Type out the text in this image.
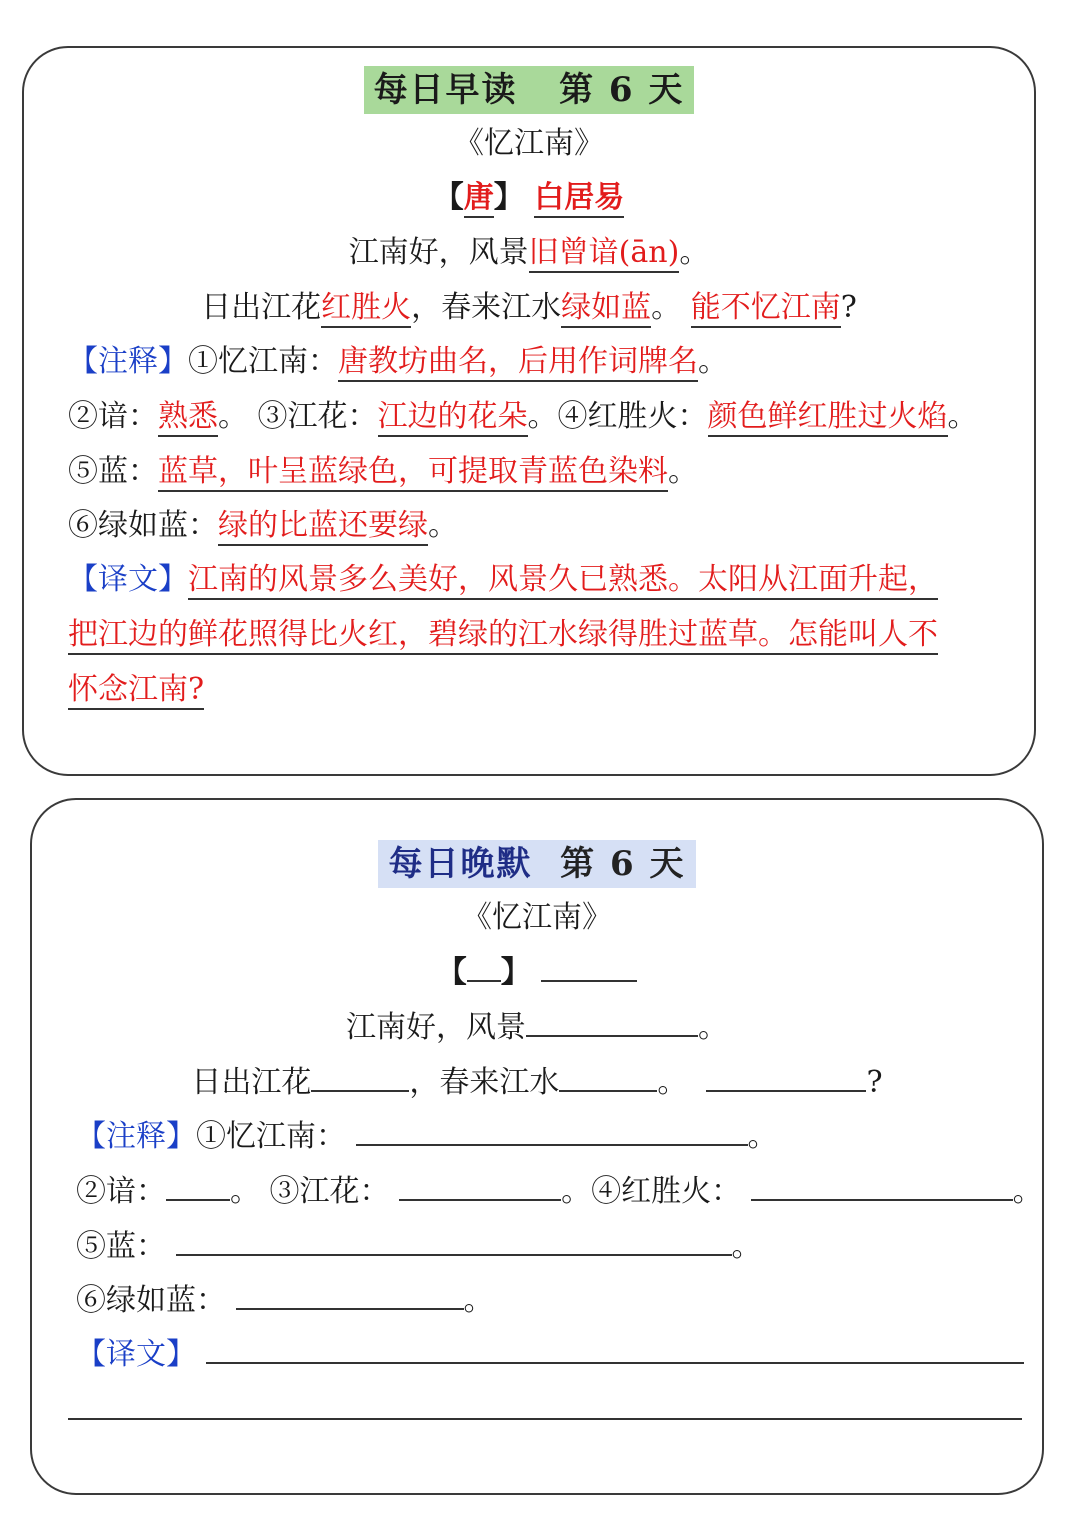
每日早读 第 6 天
《忆江南》
【唐】 白居易
江南好，风景旧曾谙(ān)。
日出江花红胜火，春来江水绿如蓝。 能不忆江南?
【注释】①忆江南：唐教坊曲名，后用作词牌名。
②谙：熟悉。 ③江花：江边的花朵。④红胜火：颜色鲜红胜过火焰。
⑤蓝：蓝草，叶呈蓝绿色，可提取青蓝色染料。
⑥绿如蓝：绿的比蓝还要绿。
【译文】江南的风景多么美好，风景久已熟悉。太阳从江面升起，
把江边的鲜花照得比火红，碧绿的江水绿得胜过蓝草。怎能叫人不
怀念江南?
每日晚默 第 6 天
《忆江南》
【 】
江南好，风景	。
日出江花	，春来江水	。	?
【注释】①忆江南：	。
②谙： 。 ③江花：	。④红胜火：	。
⑤蓝：	。
⑥绿如蓝：	。
【译文】
